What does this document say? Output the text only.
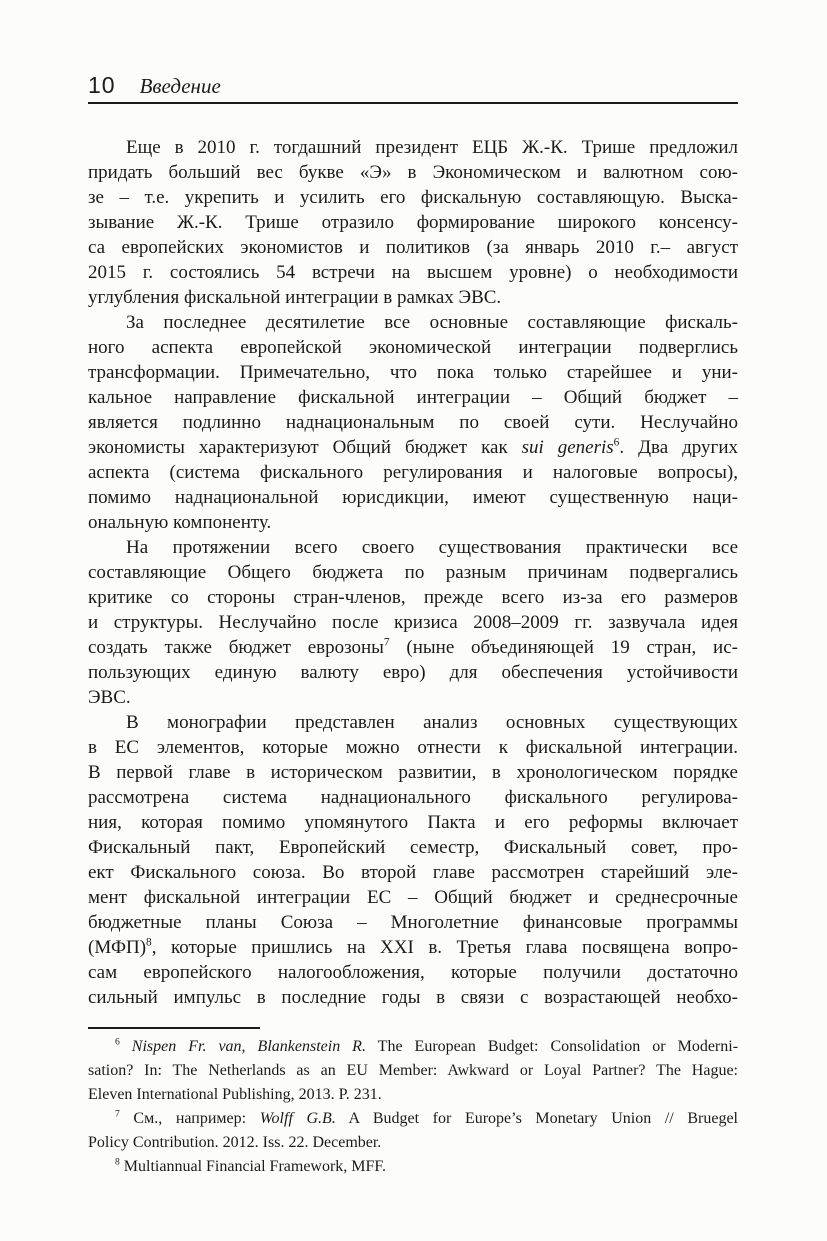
10 Введение
Еще в 2010 г. тогдашний президент ЕЦБ Ж.-К. Трише предложил
придать больший вес букве «Э» в Экономическом и валютном сою-
зе – т.е. укрепить и усилить его фискальную составляющую. Выска-
зывание Ж.-К. Трише отразило формирование широкого консенсу-
са европейских экономистов и политиков (за январь 2010 г.– август
2015 г. состоялись 54 встречи на высшем уровне) о необходимости
углубления фискальной интеграции в рамках ЭВС.
За последнее десятилетие все основные составляющие фискаль-
ного аспекта европейской экономической интеграции подверглись
трансформации. Примечательно, что пока только старейшее и уни-
кальное направление фискальной интеграции – Общий бюджет –
является подлинно наднациональным по своей сути. Неслучайно
экономисты характеризуют Общий бюджет как sui generis$^6$. Два других
аспекта (система фискального регулирования и налоговые вопросы),
помимо наднациональной юрисдикции, имеют существенную наци-
ональную компоненту.
На протяжении всего своего существования практически все
составляющие Общего бюджета по разным причинам подвергались
критике со стороны стран-членов, прежде всего из-за его размеров
и структуры. Неслучайно после кризиса 2008–2009 гг. зазвучала идея
создать также бюджет еврозоны$^7$ (ныне объединяющей 19 стран, ис-
пользующих единую валюту евро) для обеспечения устойчивости
ЭВС.
В монографии представлен анализ основных существующих
в ЕС элементов, которые можно отнести к фискальной интеграции.
В первой главе в историческом развитии, в хронологическом порядке
рассмотрена система наднационального фискального регулирова-
ния, которая помимо упомянутого Пакта и его реформы включает
Фискальный пакт, Европейский семестр, Фискальный совет, про-
ект Фискального союза. Во второй главе рассмотрен старейший эле-
мент фискальной интеграции ЕС – Общий бюджет и среднесрочные
бюджетные планы Союза – Многолетние финансовые программы
(МФП)$^8$, которые пришлись на XXI в. Третья глава посвящена вопро-
сам европейского налогообложения, которые получили достаточно
сильный импульс в последние годы в связи с возрастающей необхо-
$^6$ Nispen Fr. van, Blankenstein R. The European Budget: Consolidation or Moderni-
sation? In: The Netherlands as an EU Member: Awkward or Loyal Partner? The Hague:
Eleven International Publishing, 2013. P. 231.
$^7$ См., например: Wolff G.B. A Budget for Europe’s Monetary Union // Bruegel
Policy Contribution. 2012. Iss. 22. December.
$^8$ Multiannual Financial Framework, MFF.
